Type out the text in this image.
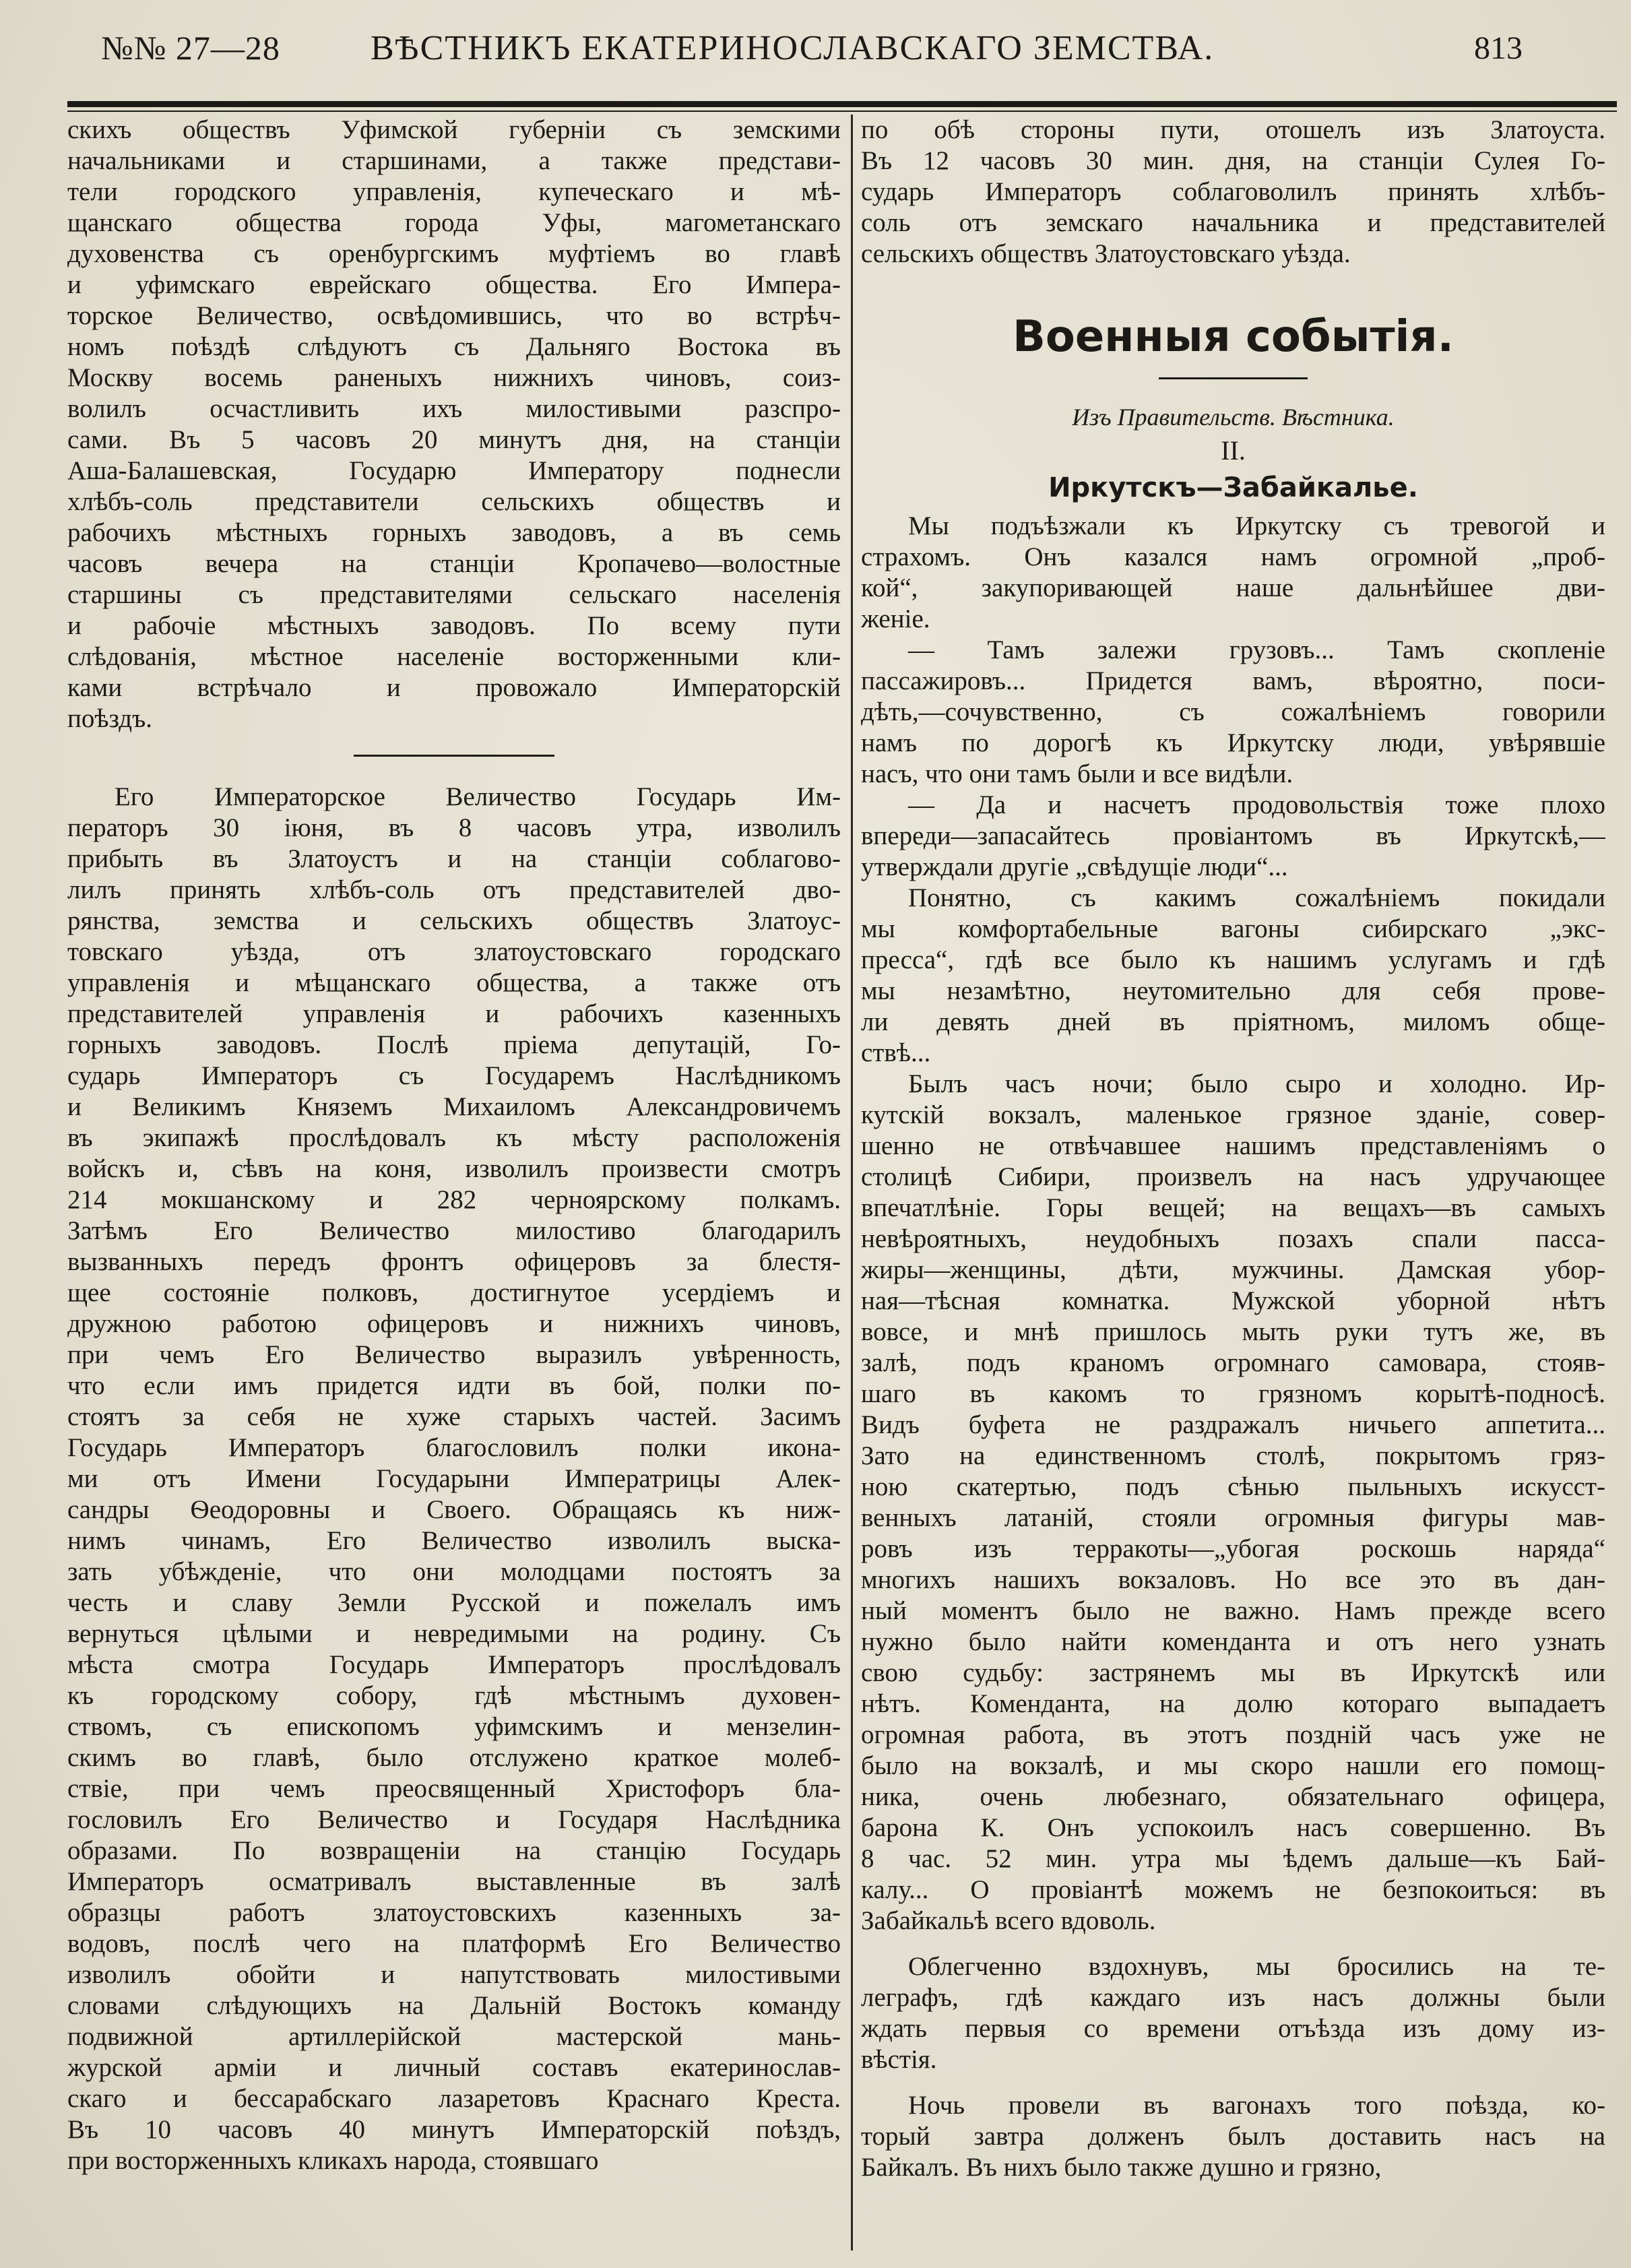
№№ 27—28	ВѢСТНИКЪ ЕКАТЕРИНОСЛАВСКАГО ЗЕМСТВА.	813
скихъ обществъ Уфимской губерніи съ земскими
начальниками и старшинами, а также представи-
тели городского управленія, купеческаго и мѣ-
щанскаго общества города Уфы, магометанскаго
духовенства съ оренбургскимъ муфтіемъ во главѣ
и уфимскаго еврейскаго общества. Его Импера-
торское Величество, освѣдомившись, что во встрѣч-
номъ поѣздѣ слѣдуютъ съ Дальняго Востока въ
Москву восемь раненыхъ нижнихъ чиновъ, соиз-
волилъ осчастливить ихъ милостивыми разспро-
сами. Въ 5 часовъ 20 минутъ дня, на станціи
Аша-Балашевская, Государю Императору поднесли
хлѣбъ-соль представители сельскихъ обществъ и
рабочихъ мѣстныхъ горныхъ заводовъ, а въ семь
часовъ вечера на станціи Кропачево—волостные
старшины съ представителями сельскаго населенія
и рабочіе мѣстныхъ заводовъ. По всему пути
слѣдованія, мѣстное населеніе восторженными кли-
ками встрѣчало и провожало Императорскій
поѣздъ.
Его Императорское Величество Государь Им-
ператоръ 30 іюня, въ 8 часовъ утра, изволилъ
прибыть въ Златоустъ и на станціи соблагово-
лилъ принять хлѣбъ-соль отъ представителей дво-
рянства, земства и сельскихъ обществъ Златоус-
товскаго уѣзда, отъ златоустовскаго городскаго
управленія и мѣщанскаго общества, а также отъ
представителей управленія и рабочихъ казенныхъ
горныхъ заводовъ. Послѣ пріема депутацій, Го-
сударь Императоръ съ Государемъ Наслѣдникомъ
и Великимъ Княземъ Михаиломъ Александровичемъ
въ экипажѣ прослѣдовалъ къ мѣсту расположенія
войскъ и, сѣвъ на коня, изволилъ произвести смотръ
214 мокшанскому и 282 черноярскому полкамъ.
Затѣмъ Его Величество милостиво благодарилъ
вызванныхъ передъ фронтъ офицеровъ за блестя-
щее состояніе полковъ, достигнутое усердіемъ и
дружною работою офицеровъ и нижнихъ чиновъ,
при чемъ Его Величество выразилъ увѣренность,
что если имъ придется идти въ бой, полки по-
стоятъ за себя не хуже старыхъ частей. Засимъ
Государь Императоръ благословилъ полки икона-
ми отъ Имени Государыни Императрицы Алек-
сандры Ѳеодоровны и Своего. Обращаясь къ ниж-
нимъ чинамъ, Его Величество изволилъ выска-
зать убѣжденіе, что они молодцами постоятъ за
честь и славу Земли Русской и пожелалъ имъ
вернуться цѣлыми и невредимыми на родину. Съ
мѣста смотра Государь Императоръ прослѣдовалъ
къ городскому собору, гдѣ мѣстнымъ духовен-
ствомъ, съ епископомъ уфимскимъ и мензелин-
скимъ во главѣ, было отслужено краткое молеб-
ствіе, при чемъ преосвященный Христофоръ бла-
гословилъ Его Величество и Государя Наслѣдника
образами. По возвращеніи на станцію Государь
Императоръ осматривалъ выставленные въ залѣ
образцы работъ златоустовскихъ казенныхъ за-
водовъ, послѣ чего на платформѣ Его Величество
изволилъ обойти и напутствовать милостивыми
словами слѣдующихъ на Дальній Востокъ команду
подвижной артиллерійской мастерской мань-
журской арміи и личный составъ екатеринослав-
скаго и бессарабскаго лазаретовъ Краснаго Креста.
Въ 10 часовъ 40 минутъ Императорскій поѣздъ,
при восторженныхъ кликахъ народа, стоявшаго
по обѣ стороны пути, отошелъ изъ Златоуста.
Въ 12 часовъ 30 мин. дня, на станціи Сулея Го-
сударь Императоръ соблаговолилъ принять хлѣбъ-
соль отъ земскаго начальника и представителей
сельскихъ обществъ Златоустовскаго уѣзда.
Военныя событія.
Изъ Правительств. Вѣстника.
II.
Иркутскъ—Забайкалье.
Мы подъѣзжали къ Иркутску съ тревогой и
страхомъ. Онъ казался намъ огромной „проб-
кой“, закупоривающей наше дальнѣйшее дви-
женіе.
— Тамъ залежи грузовъ... Тамъ скопленіе
пассажировъ... Придется вамъ, вѣроятно, поси-
дѣть,—сочувственно, съ сожалѣніемъ говорили
намъ по дорогѣ къ Иркутску люди, увѣрявшіе
насъ, что они тамъ были и все видѣли.
— Да и насчетъ продовольствія тоже плохо
впереди—запасайтесь провіантомъ въ Иркутскѣ,—
утверждали другіе „свѣдущіе люди“...
Понятно, съ какимъ сожалѣніемъ покидали
мы комфортабельные вагоны сибирскаго „экс-
пресса“, гдѣ все было къ нашимъ услугамъ и гдѣ
мы незамѣтно, неутомительно для себя прове-
ли девять дней въ пріятномъ, миломъ обще-
ствѣ...
Былъ часъ ночи; было сыро и холодно. Ир-
кутскій вокзалъ, маленькое грязное зданіе, совер-
шенно не отвѣчавшее нашимъ представленіямъ о
столицѣ Сибири, произвелъ на насъ удручающее
впечатлѣніе. Горы вещей; на вещахъ—въ самыхъ
невѣроятныхъ, неудобныхъ позахъ спали пасса-
жиры—женщины, дѣти, мужчины. Дамская убор-
ная—тѣсная комнатка. Мужской уборной нѣтъ
вовсе, и мнѣ пришлось мыть руки тутъ же, въ
залѣ, подъ краномъ огромнаго самовара, стояв-
шаго въ какомъ то грязномъ корытѣ-подносѣ.
Видъ буфета не раздражалъ ничьего аппетита...
Зато на единственномъ столѣ, покрытомъ гряз-
ною скатертью, подъ сѣнью пыльныхъ искусст-
венныхъ латаній, стояли огромныя фигуры мав-
ровъ изъ терракоты—„убогая роскошь наряда“
многихъ нашихъ вокзаловъ. Но все это въ дан-
ный моментъ было не важно. Намъ прежде всего
нужно было найти коменданта и отъ него узнать
свою судьбу: застрянемъ мы въ Иркутскѣ или
нѣтъ. Коменданта, на долю котораго выпадаетъ
огромная работа, въ этотъ поздній часъ уже не
было на вокзалѣ, и мы скоро нашли его помощ-
ника, очень любезнаго, обязательнаго офицера,
барона К. Онъ успокоилъ насъ совершенно. Въ
8 час. 52 мин. утра мы ѣдемъ дальше—къ Бай-
калу... О провіантѣ можемъ не безпокоиться: въ
Забайкальѣ всего вдоволь.
Облегченно вздохнувъ, мы бросились на те-
леграфъ, гдѣ каждаго изъ насъ должны были
ждать первыя со времени отъѣзда изъ дому из-
вѣстія.
Ночь провели въ вагонахъ того поѣзда, ко-
торый завтра долженъ былъ доставить насъ на
Байкалъ. Въ нихъ было также душно и грязно,
